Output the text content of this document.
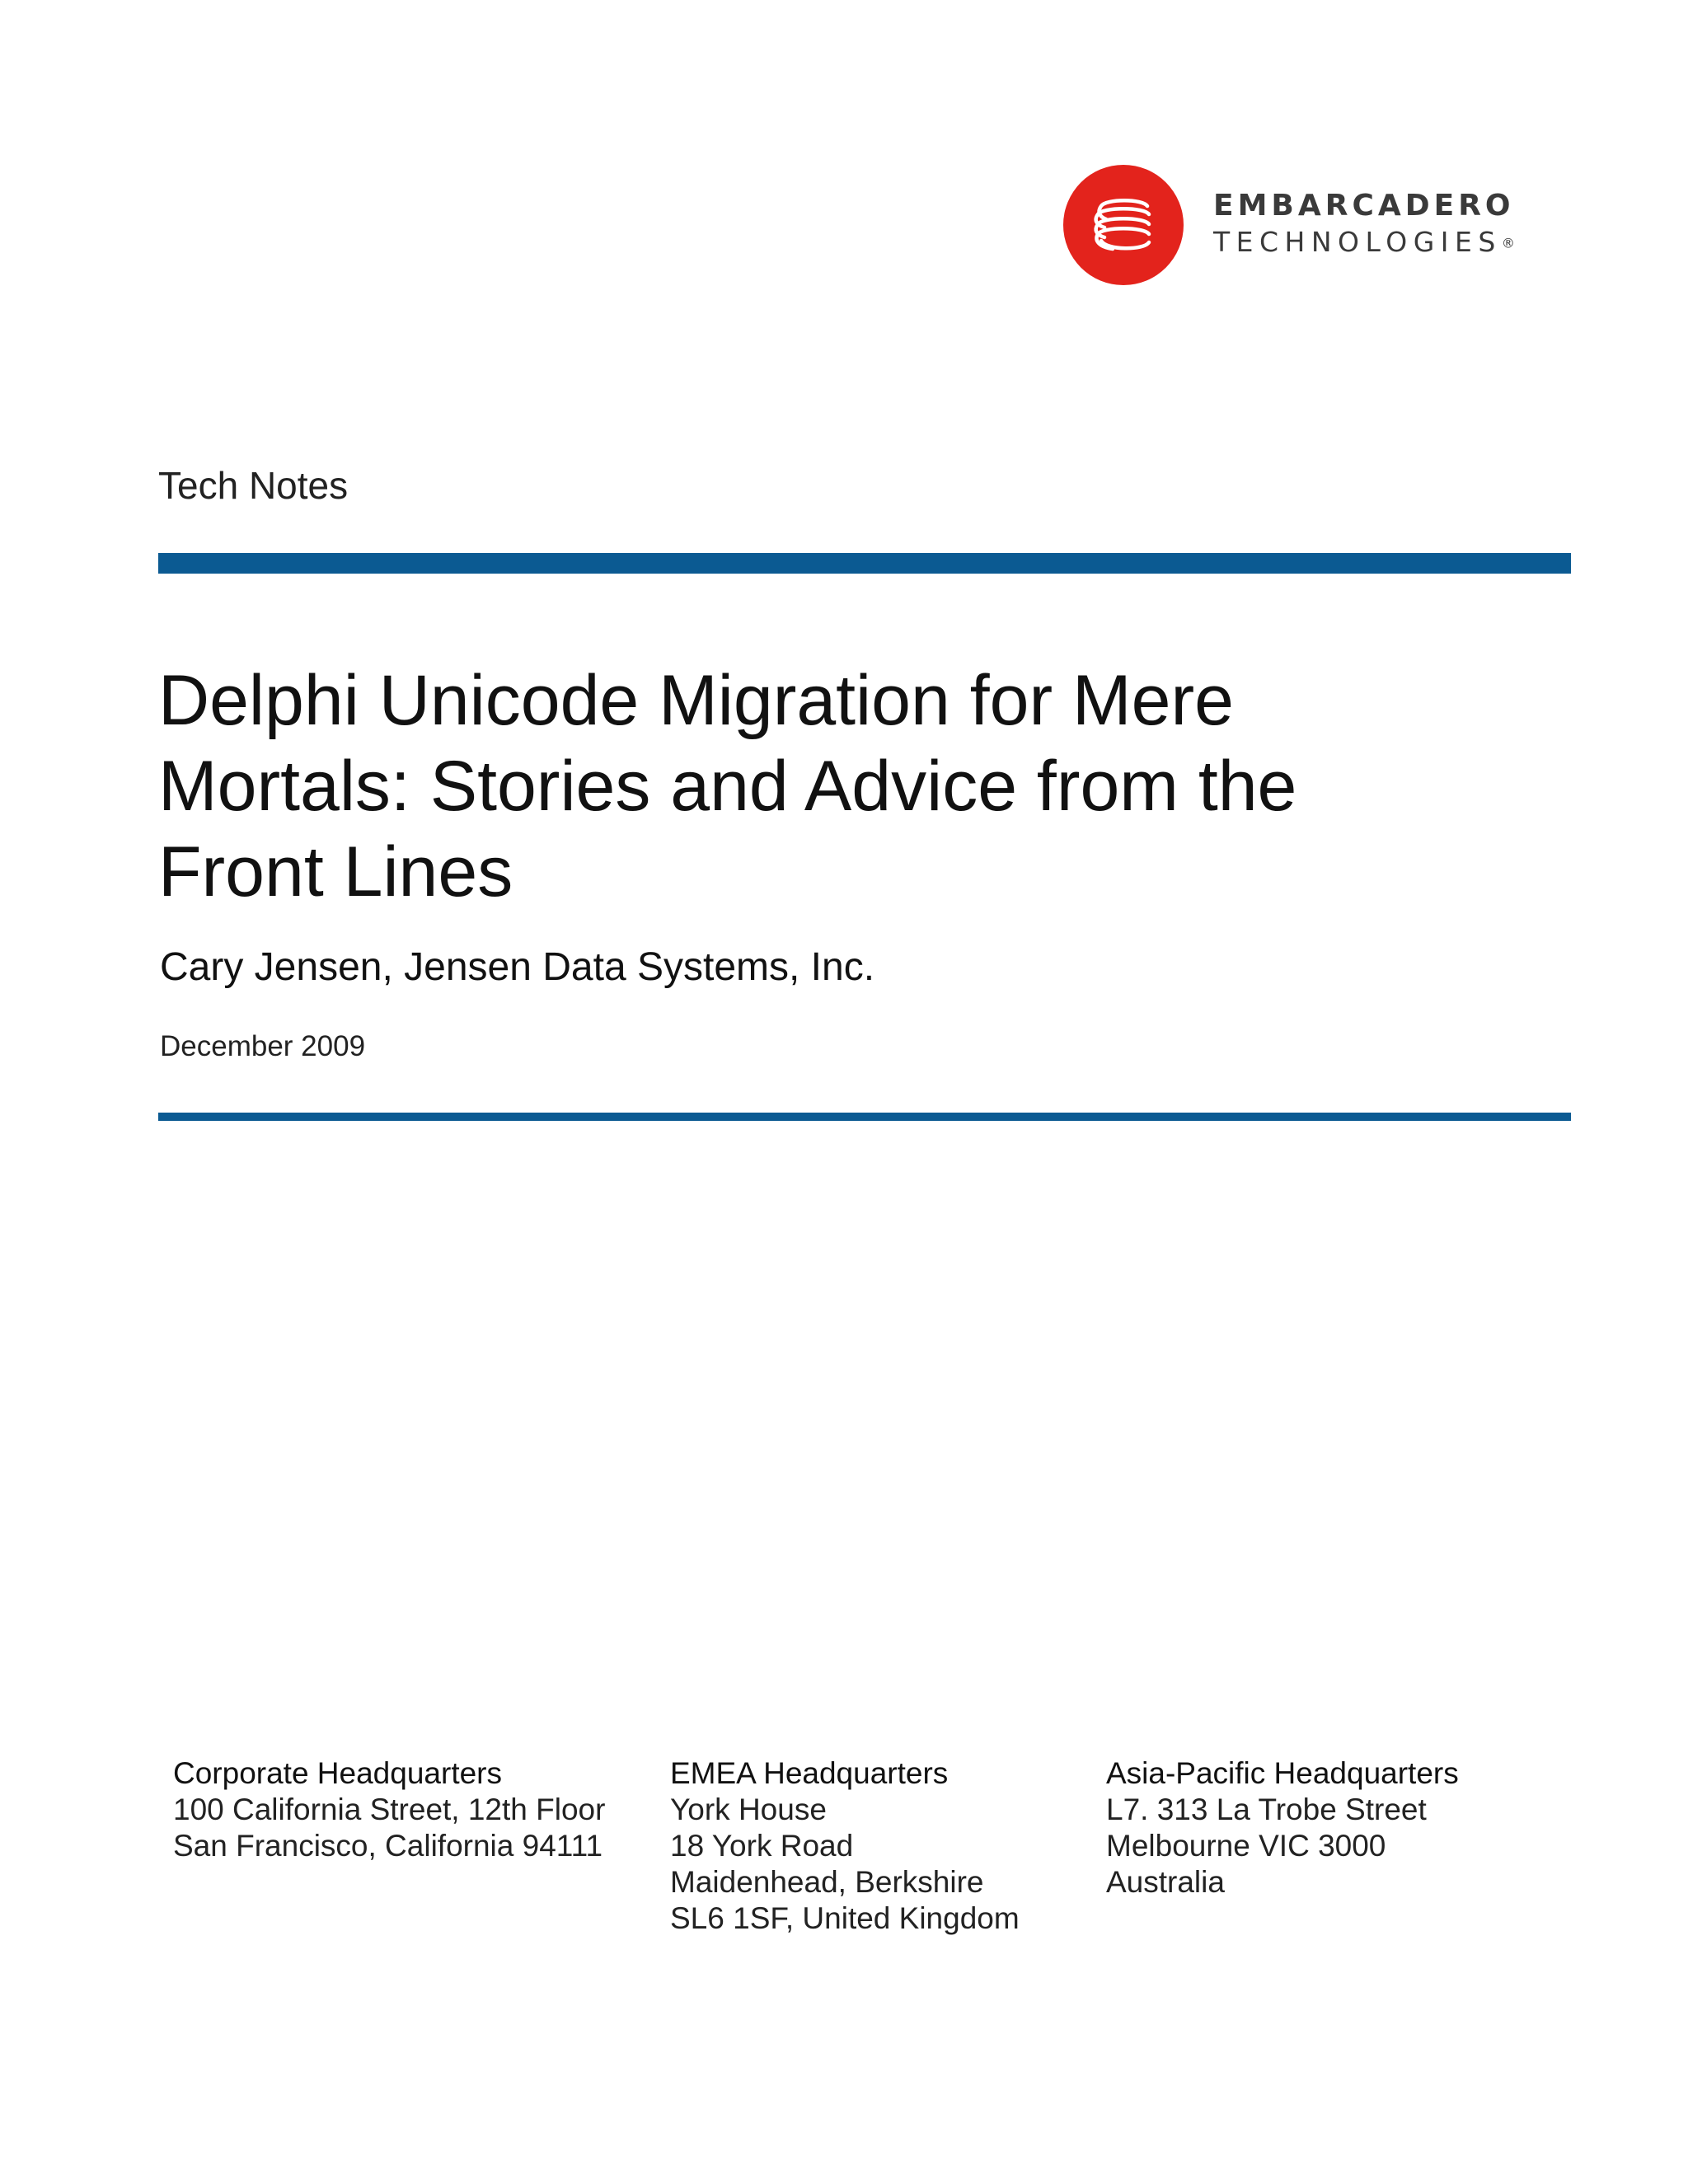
EMBARCADERO
TECHNOLOGIES®
Tech Notes
Delphi Unicode Migration for Mere
Mortals: Stories and Advice from the
Front Lines
Cary Jensen, Jensen Data Systems, Inc.
December 2009
Corporate Headquarters
100 California Street, 12th Floor
San Francisco, California 94111
EMEA Headquarters
York House
18 York Road
Maidenhead, Berkshire
SL6 1SF, United Kingdom
Asia-Pacific Headquarters
L7. 313 La Trobe Street
Melbourne VIC 3000
Australia
